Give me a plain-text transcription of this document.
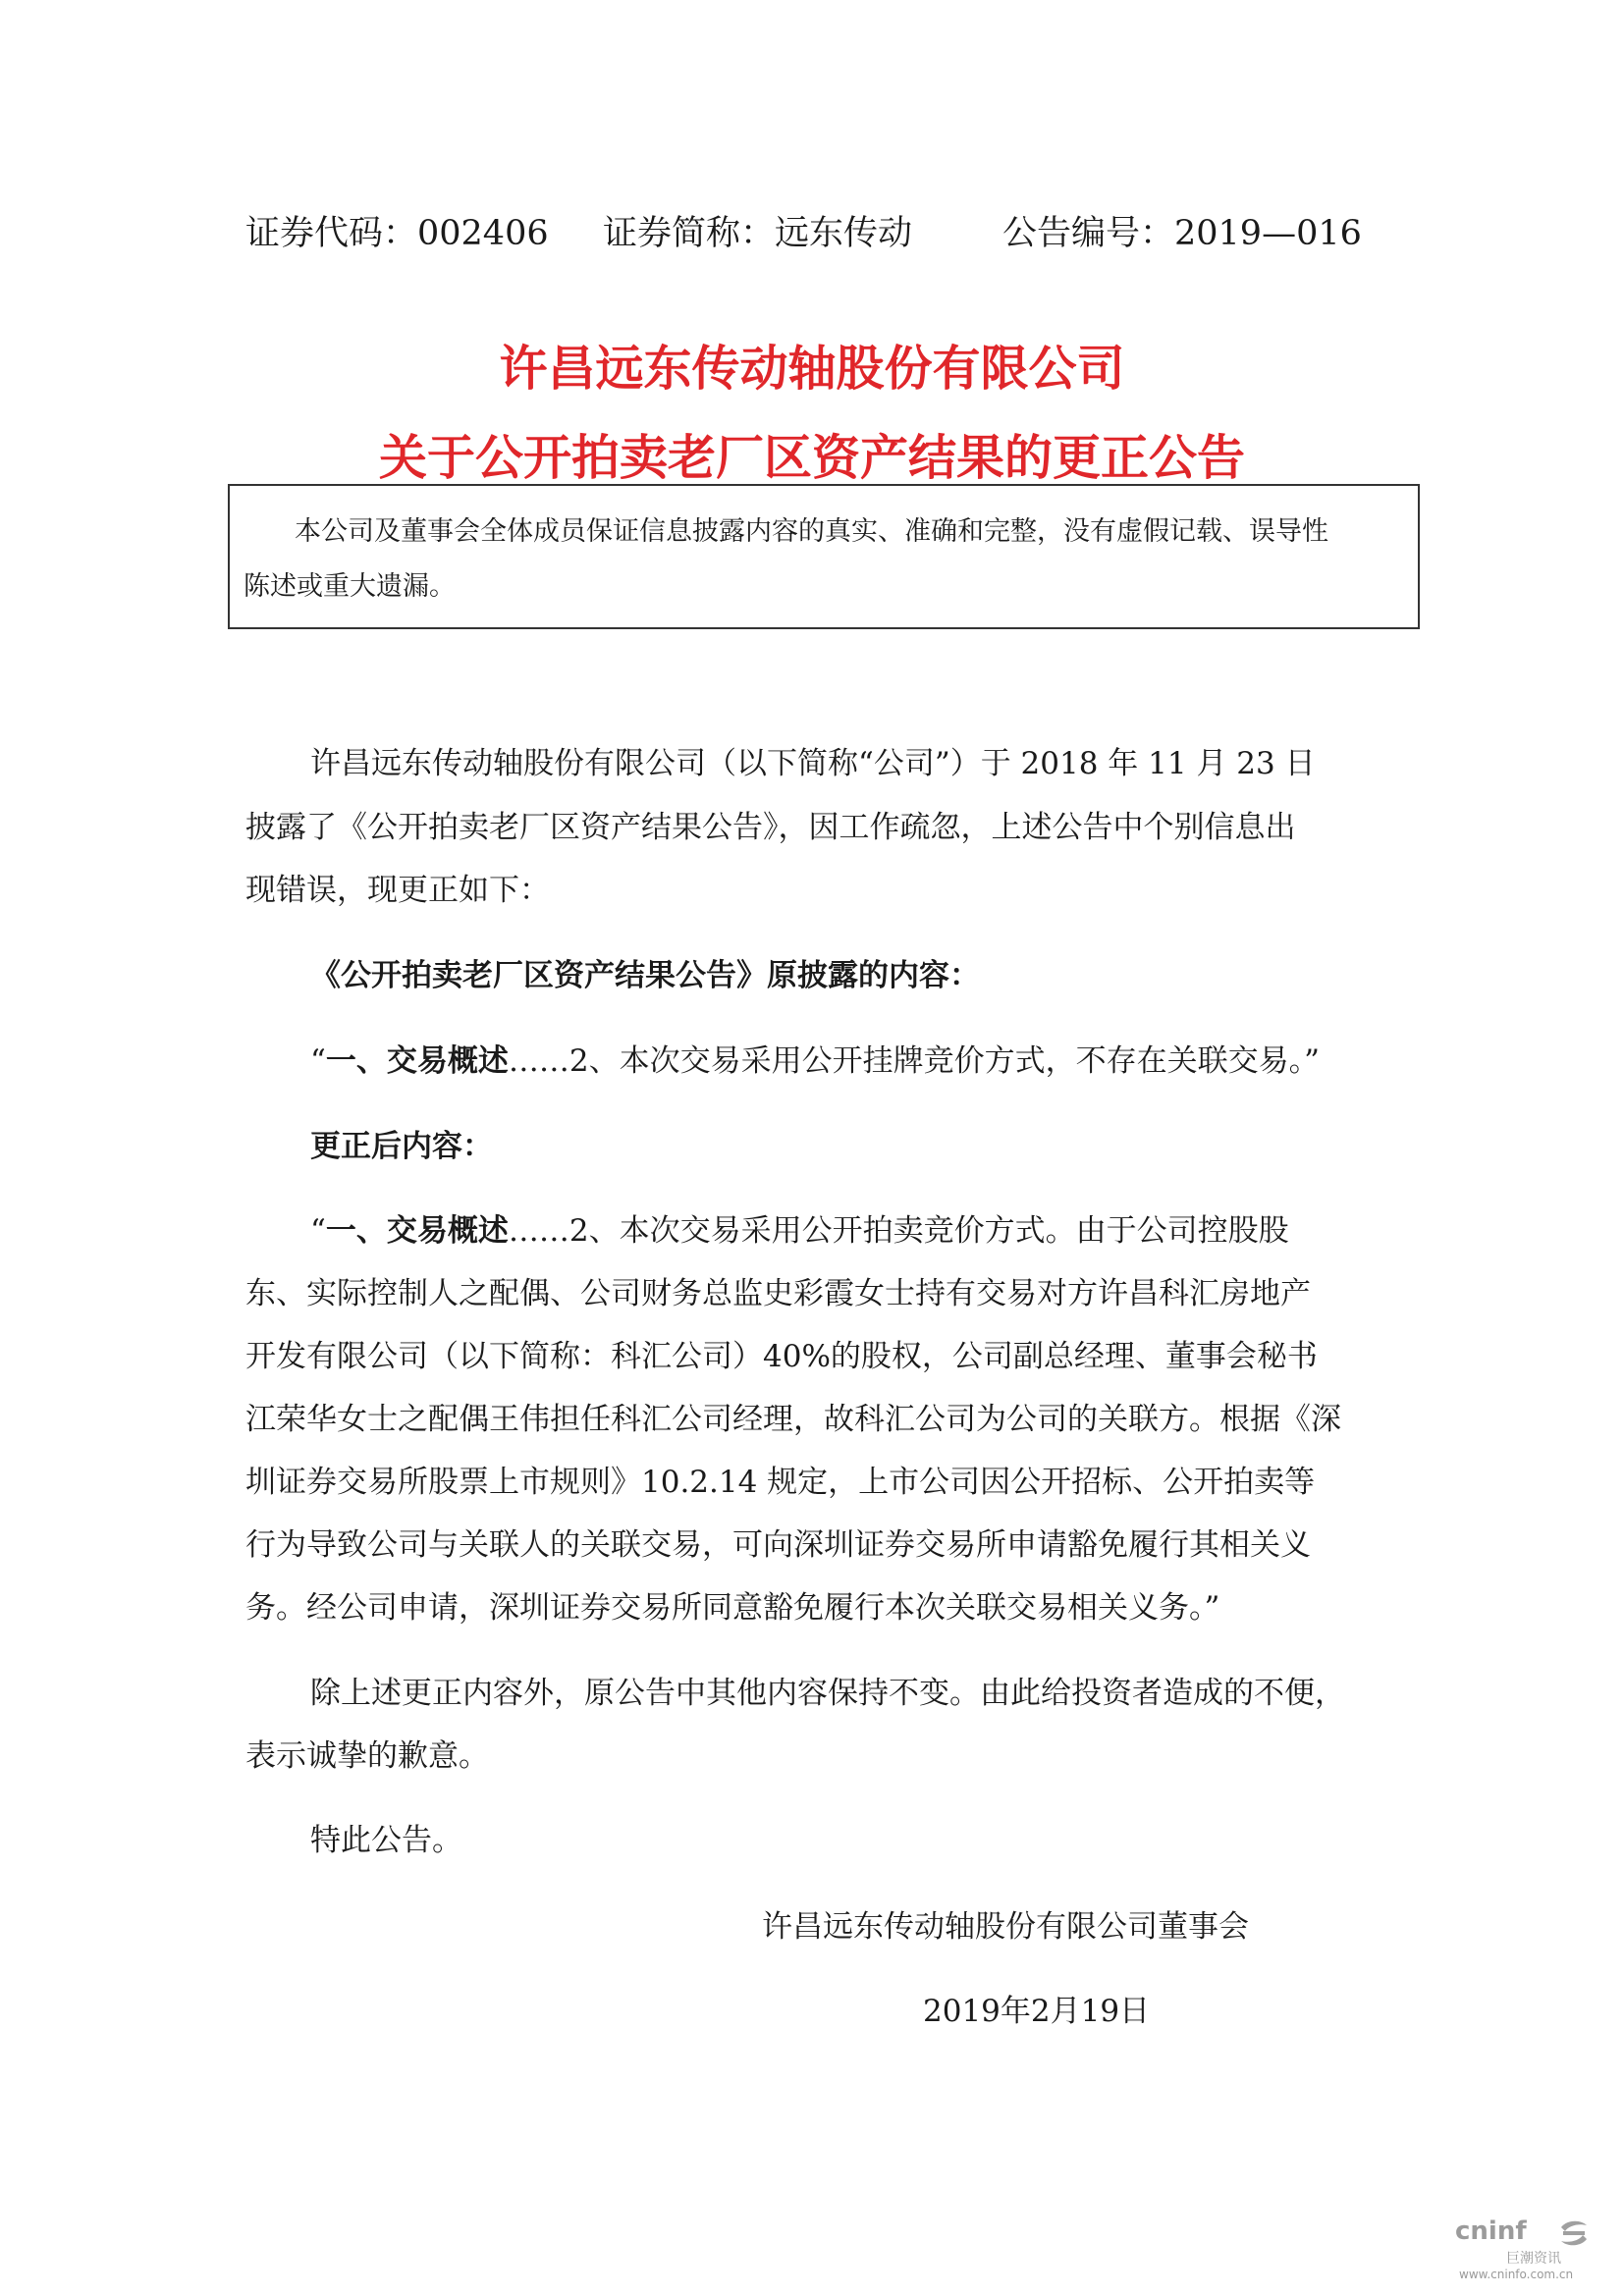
证券代码：002406 证券简称：远东传动	公告编号：2019—016
许昌远东传动轴股份有限公司
关于公开拍卖老厂区资产结果的更正公告
本公司及董事会全体成员保证信息披露内容的真实、准确和完整，没有虚假记载、误导性
陈述或重大遗漏。
许昌远东传动轴股份有限公司（以下简称“公司”）于 2018 年 11 月 23 日
披露了《公开拍卖老厂区资产结果公告》，因工作疏忽，上述公告中个别信息出
现错误，现更正如下：
《公开拍卖老厂区资产结果公告》原披露的内容：
“一、交易概述……2、本次交易采用公开挂牌竞价方式，不存在关联交易。”
更正后内容：
“一、交易概述……2、本次交易采用公开拍卖竞价方式。由于公司控股股
东、实际控制人之配偶、公司财务总监史彩霞女士持有交易对方许昌科汇房地产
开发有限公司（以下简称：科汇公司）40%的股权，公司副总经理、董事会秘书
江荣华女士之配偶王伟担任科汇公司经理，故科汇公司为公司的关联方。根据《深
圳证券交易所股票上市规则》10.2.14 规定，上市公司因公开招标、公开拍卖等
行为导致公司与关联人的关联交易，可向深圳证券交易所申请豁免履行其相关义
务。经公司申请，深圳证券交易所同意豁免履行本次关联交易相关义务。”
除上述更正内容外，原公告中其他内容保持不变。由此给投资者造成的不便，
表示诚挚的歉意。
特此公告。
许昌远东传动轴股份有限公司董事会
2019年2月19日
cninf
巨潮资讯
www.cninfo.com.cn
